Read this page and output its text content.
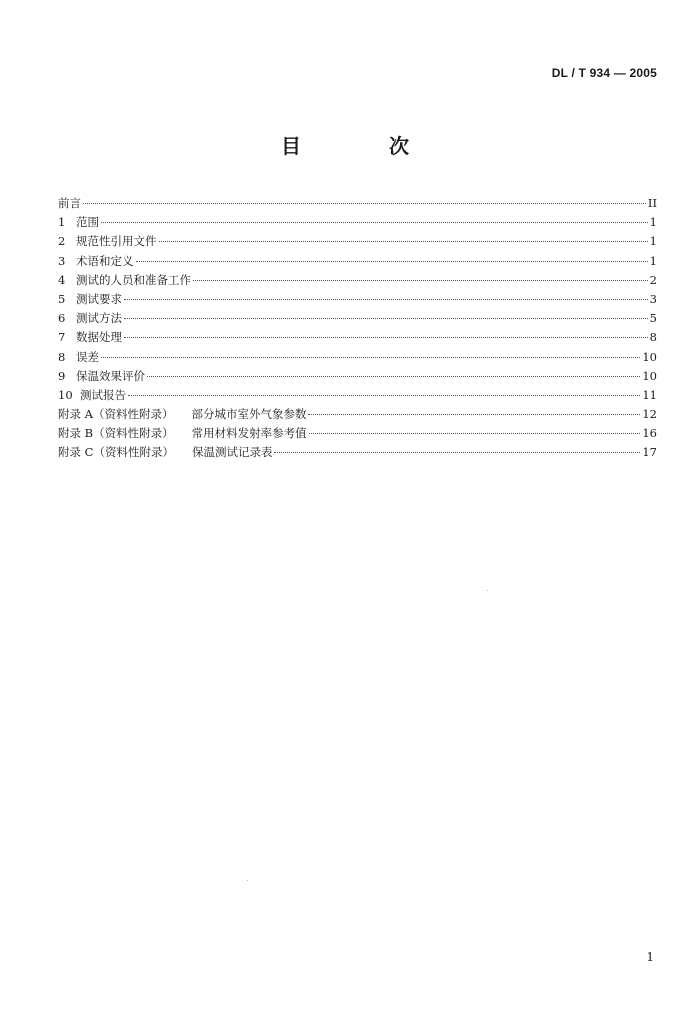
DL / T 934 — 2005
目　次
前言	II
1 范围	1
2 规范性引用文件	1
3 术语和定义	1
4 测试的人员和准备工作	2
5 测试要求	3
6 测试方法	5
7 数据处理	8
8 误差	10
9 保温效果评价	10
10 测试报告	11
附录 A（资料性附录） 部分城市室外气象参数	12
附录 B（资料性附录） 常用材料发射率参考值	16
附录 C（资料性附录） 保温测试记录表	17
1
